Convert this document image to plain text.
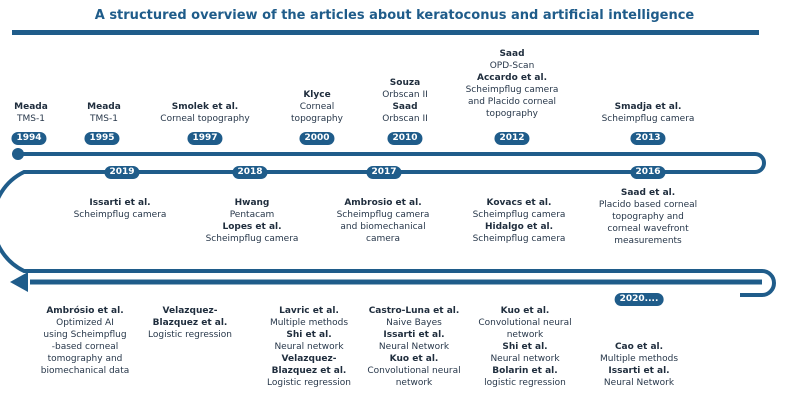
A structured overview of the articles about keratoconus and artificial intelligence
1994	1995	1997	2000	2010	2012	2013
2019	2018	2017	2016
2020....
Meada
TMS-1
Meada
TMS-1
Smolek et al.
Corneal topography
Klyce
Corneal
topography
Souza
Orbscan II
Saad
Orbscan II
Saad
OPD-Scan
Accardo et al.
Scheimpflug camera
and Placido corneal
topography
Smadja et al.
Scheimpflug camera
Issarti et al.
Scheimpflug camera
Hwang
Pentacam
Lopes et al.
Scheimpflug camera
Ambrosio et al.
Scheimpflug camera
and biomechanical
camera
Kovacs et al.
Scheimpflug camera
Hidalgo et al.
Scheimpflug camera
Saad et al.
Placido based corneal
topography and
corneal wavefront
measurements
Ambrósio et al.
Optimized AI
using Scheimpflug
-based corneal
tomography and
biomechanical data
Velazquez-
Blazquez et al.
Logistic regression
Lavric et al.
Multiple methods
Shi et al.
Neural network
Velazquez-
Blazquez et al.
Logistic regression
Castro-Luna et al.
Naive Bayes
Issarti et al.
Neural Network
Kuo et al.
Convolutional neural
network
Kuo et al.
Convolutional neural
network
Shi et al.
Neural network
Bolarin et al.
logistic regression
Cao et al.
Multiple methods
Issarti et al.
Neural Network
